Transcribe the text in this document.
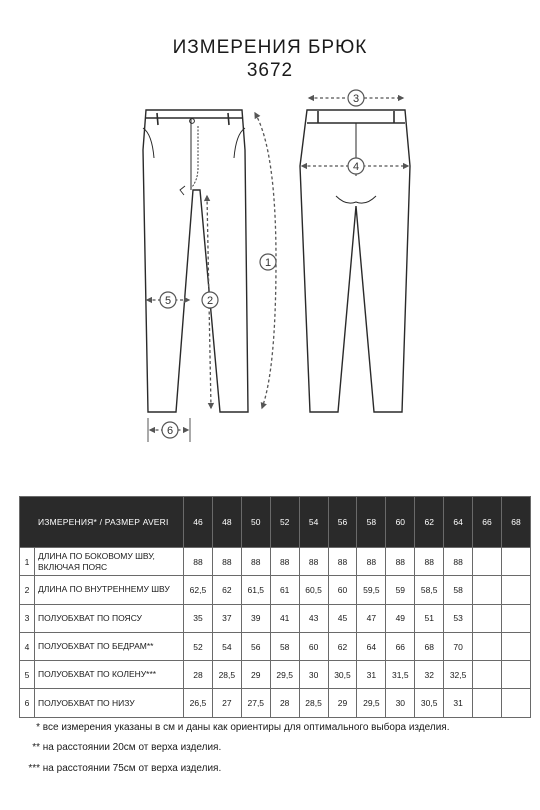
ИЗМЕРЕНИЯ БРЮК
3672
1
2
3
4
5
6
ИЗМЕРЕНИЯ* / РАЗМЕР AVERI		46	48	50	52	54	56	58	60	62	64	66	68
1	ДЛИНА ПО БОКОВОМУ ШВУ, ВКЛЮЧАЯ ПОЯС	88	88	88	88	88	88	88	88	88	88		
2	ДЛИНА ПО ВНУТРЕННЕМУ ШВУ	62,5	62	61,5	61	60,5	60	59,5	59	58,5	58		
3	ПОЛУОБХВАТ ПО ПОЯСУ	35	37	39	41	43	45	47	49	51	53		
4	ПОЛУОБХВАТ ПО БЕДРАМ**	52	54	56	58	60	62	64	66	68	70		
5	ПОЛУОБХВАТ ПО КОЛЕНУ***	28	28,5	29	29,5	30	30,5	31	31,5	32	32,5		
6	ПОЛУОБХВАТ ПО НИЗУ	26,5	27	27,5	28	28,5	29	29,5	30	30,5	31		
* все измерения указаны в см и даны как ориентиры для оптимального выбора изделия.
** на расстоянии 20см от верха изделия.
*** на расстоянии 75см от верха изделия.
